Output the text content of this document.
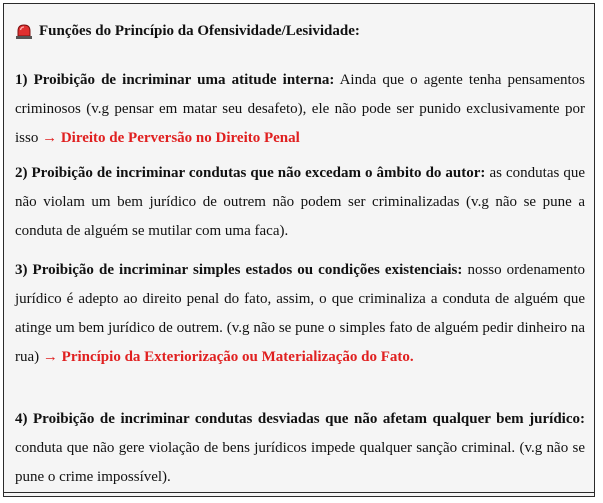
Funções do Princípio da Ofensividade/Lesividade:

1) Proibição de incriminar uma atitude interna: Ainda que o agente tenha pensamentos criminosos (v.g pensar em matar seu desafeto), ele não pode ser punido exclusivamente por isso → Direito de Perversão no Direito Penal

2) Proibição de incriminar condutas que não excedam o âmbito do autor: as condutas que não violam um bem jurídico de outrem não podem ser criminalizadas (v.g não se pune a conduta de alguém se mutilar com uma faca).

3) Proibição de incriminar simples estados ou condições existenciais: nosso ordenamento jurídico é adepto ao direito penal do fato, assim, o que criminaliza a conduta de alguém que atinge um bem jurídico de outrem. (v.g não se pune o simples fato de alguém pedir dinheiro na rua) → Princípio da Exteriorização ou Materialização do Fato.

4) Proibição de incriminar condutas desviadas que não afetam qualquer bem jurídico: conduta que não gere violação de bens jurídicos impede qualquer sanção criminal. (v.g não se pune o crime impossível).
